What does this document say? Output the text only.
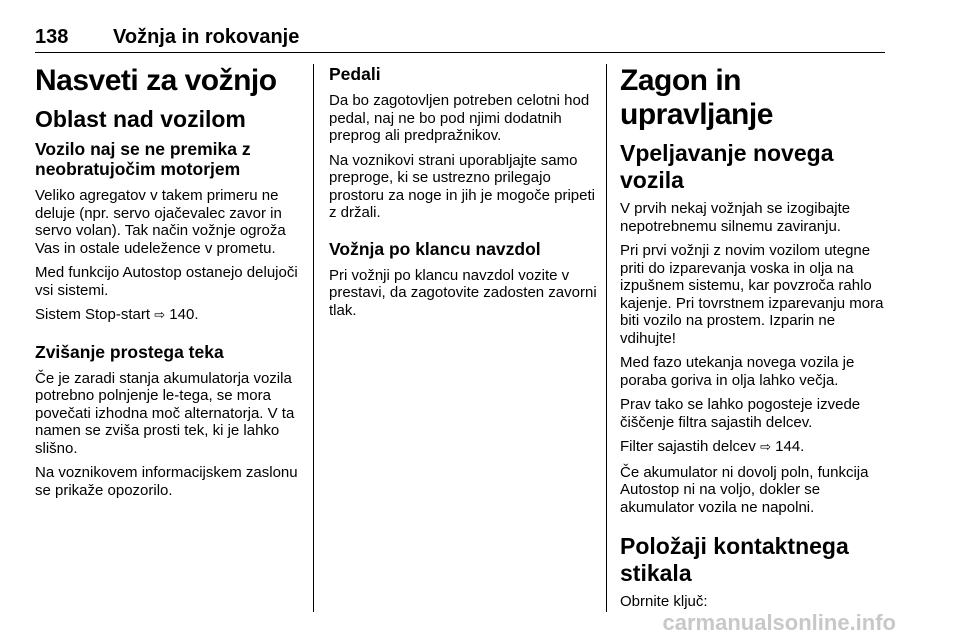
138 Vožnja in rokovanje
Nasveti za vožnjo
Oblast nad vozilom
Vozilo naj se ne premika z neobratujočim motorjem
Veliko agregatov v takem primeru ne deluje (npr. servo ojačevalec zavor in servo volan). Tak način vožnje ogroža Vas in ostale udeležence v prometu.
Med funkcijo Autostop ostanejo delujoči vsi sistemi.
Sistem Stop-start ⇨ 140.
Zvišanje prostega teka
Če je zaradi stanja akumulatorja vozila potrebno polnjenje le-tega, se mora povečati izhodna moč alternatorja. V ta namen se zviša prosti tek, ki je lahko slišno.
Na voznikovem informacijskem zaslonu se prikaže opozorilo.
Pedali
Da bo zagotovljen potreben celotni hod pedal, naj ne bo pod njimi dodatnih preprog ali predpražnikov.
Na voznikovi strani uporabljajte samo preproge, ki se ustrezno prilegajo prostoru za noge in jih je mogoče pripeti z držali.
Vožnja po klancu navzdol
Pri vožnji po klancu navzdol vozite v prestavi, da zagotovite zadosten zavorni tlak.
Zagon in upravljanje
Vpeljavanje novega vozila
V prvih nekaj vožnjah se izogibajte nepotrebnemu silnemu zaviranju.
Pri prvi vožnji z novim vozilom utegne priti do izparevanja voska in olja na izpušnem sistemu, kar povzroča rahlo kajenje. Pri tovrstnem izparevanju mora biti vozilo na prostem. Izparin ne vdihujte!
Med fazo utekanja novega vozila je poraba goriva in olja lahko večja.
Prav tako se lahko pogosteje izvede čiščenje filtra sajastih delcev.
Filter sajastih delcev ⇨ 144.
Če akumulator ni dovolj poln, funkcija Autostop ni na voljo, dokler se akumulator vozila ne napolni.
Položaji kontaktnega stikala
Obrnite ključ:
carmanualsonline.info
